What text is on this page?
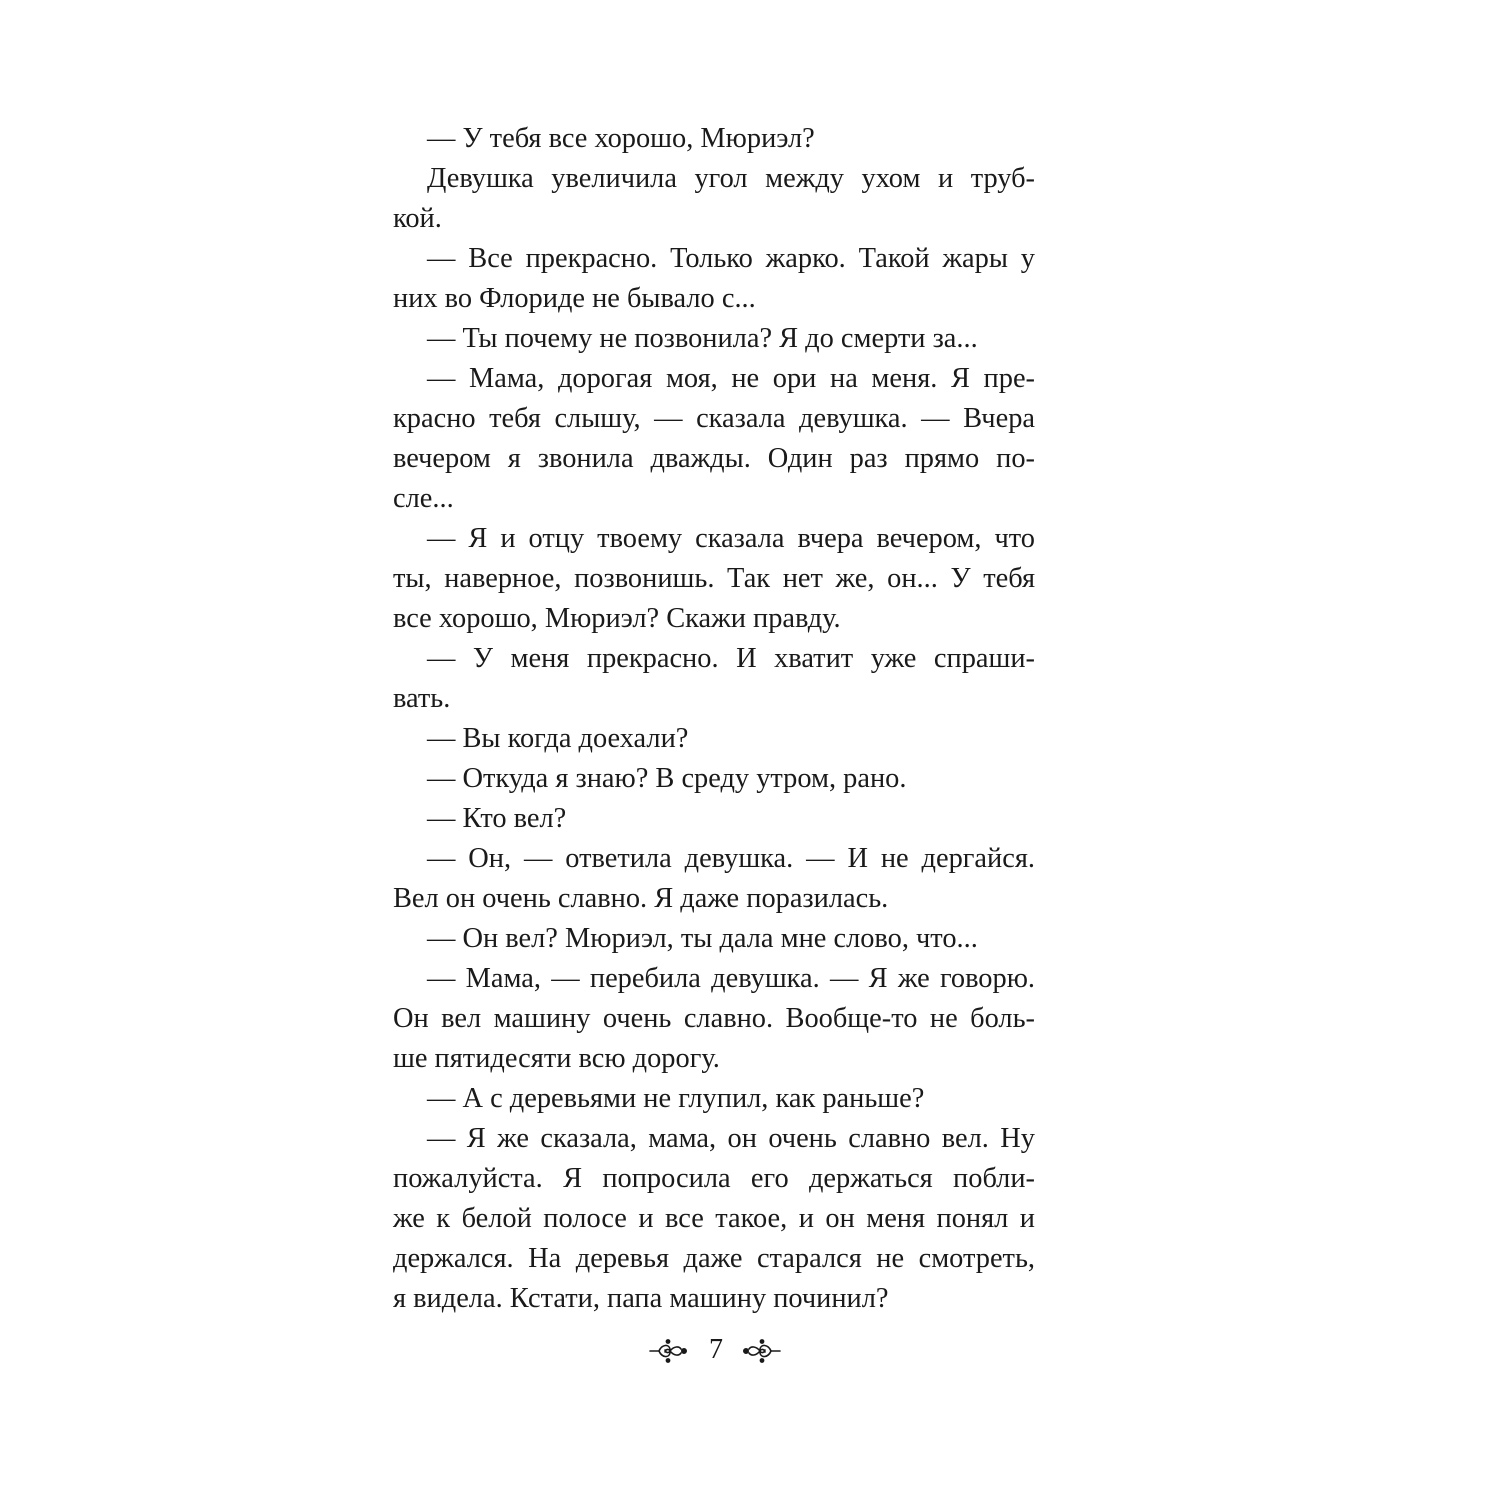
— У тебя все хорошо, Мюриэл?
Девушка увеличила угол между ухом и труб-
кой.
— Все прекрасно. Только жарко. Такой жары у
них во Флориде не бывало с...
— Ты почему не позвонила? Я до смерти за...
— Мама, дорогая моя, не ори на меня. Я пре-
красно тебя слышу, — сказала девушка. — Вчера
вечером я звонила дважды. Один раз прямо по-
сле...
— Я и отцу твоему сказала вчера вечером, что
ты, наверное, позвонишь. Так нет же, он... У тебя
все хорошо, Мюриэл? Скажи правду.
— У меня прекрасно. И хватит уже спраши-
вать.
— Вы когда доехали?
— Откуда я знаю? В среду утром, рано.
— Кто вел?
— Он, — ответила девушка. — И не дергайся.
Вел он очень славно. Я даже поразилась.
— Он вел? Мюриэл, ты дала мне слово, что...
— Мама, — перебила девушка. — Я же говорю.
Он вел машину очень славно. Вообще-то не боль-
ше пятидесяти всю дорогу.
— А с деревьями не глупил, как раньше?
— Я же сказала, мама, он очень славно вел. Ну
пожалуйста. Я попросила его держаться побли-
же к белой полосе и все такое, и он меня понял и
держался. На деревья даже старался не смотреть,
я видела. Кстати, папа машину починил?
7
